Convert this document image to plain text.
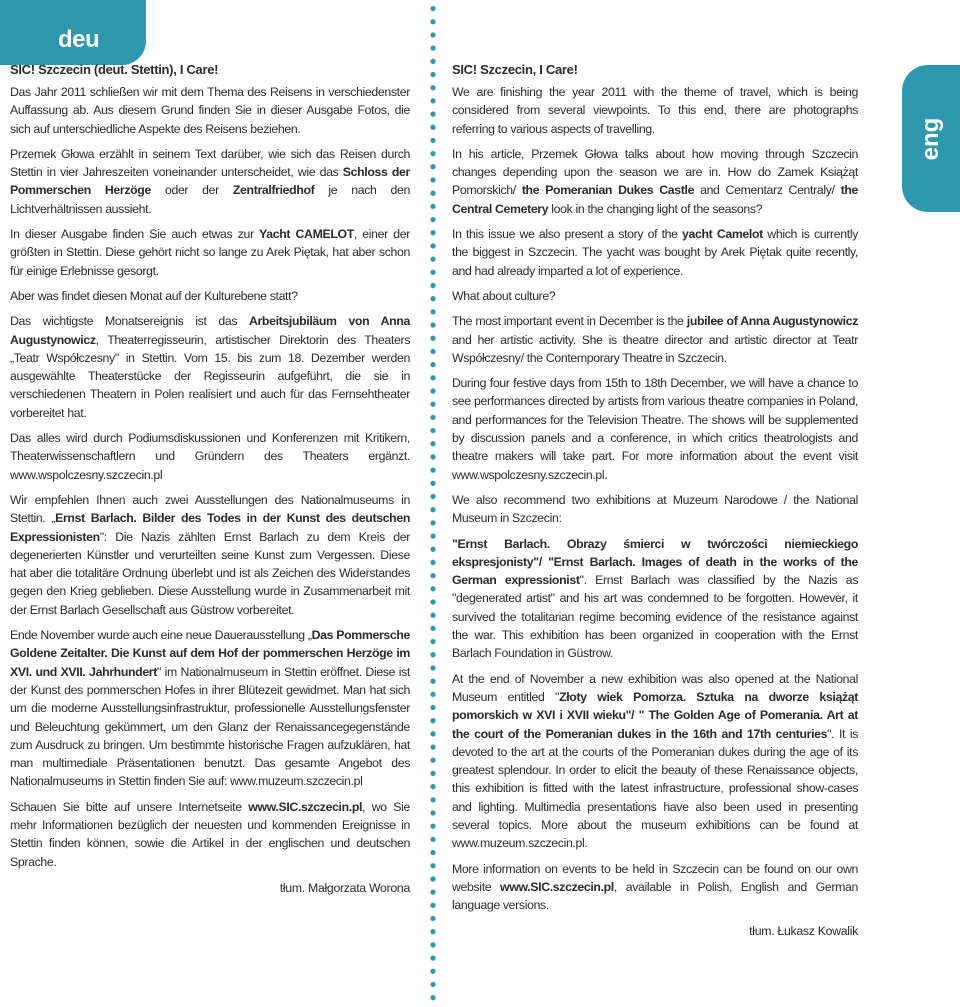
deu
eng
SIC! Szczecin (deut. Stettin), I Care!

Das Jahr 2011 schließen wir mit dem Thema des Reisens in verschiedenster Auffassung ab. Aus diesem Grund finden Sie in dieser Ausgabe Fotos, die sich auf unterschiedliche Aspekte des Reisens beziehen.

Przemek Głowa erzählt in seinem Text darüber, wie sich das Reisen durch Stettin in vier Jahreszeiten voneinander unterscheidet, wie das Schloss der Pommerschen Herzöge oder der Zentralfriedhof je nach den Lichtverhältnissen aussieht.

In dieser Ausgabe finden Sie auch etwas zur Yacht CAMELOT, einer der größten in Stettin. Diese gehört nicht so lange zu Arek Piętak, hat aber schon für einige Erlebnisse gesorgt.

Aber was findet diesen Monat auf der Kulturebene statt?

Das wichtigste Monatsereignis ist das Arbeitsjubiläum von Anna Augustynowicz, Theaterregisseurin, artistischer Direktorin des Theaters „Teatr Współczesny" in Stettin. Vom 15. bis zum 18. Dezember werden ausgewählte Theaterstücke der Regisseurin aufgeführt, die sie in verschiedenen Theatern in Polen realisiert und auch für das Fernsehtheater vorbereitet hat.

Das alles wird durch Podiumsdiskussionen und Konferenzen mit Kritikern, Theaterwissenschaftlern und Gründern des Theaters ergänzt. www.wspolczesny.szczecin.pl

Wir empfehlen Ihnen auch zwei Ausstellungen des Nationalmuseums in Stettin. „Ernst Barlach. Bilder des Todes in der Kunst des deutschen Expressionisten": Die Nazis zählten Ernst Barlach zu dem Kreis der degenerierten Künstler und verurteilten seine Kunst zum Vergessen. Diese hat aber die totalitäre Ordnung überlebt und ist als Zeichen des Widerstandes gegen den Krieg geblieben. Diese Ausstellung wurde in Zusammenarbeit mit der Ernst Barlach Gesellschaft aus Güstrow vorbereitet.

Ende November wurde auch eine neue Dauerausstellung „Das Pommersche Goldene Zeitalter. Die Kunst auf dem Hof der pommerschen Herzöge im XVI. und XVII. Jahrhundert" im Nationalmuseum in Stettin eröffnet. Diese ist der Kunst des pommerschen Hofes in ihrer Blütezeit gewidmet. Man hat sich um die moderne Ausstellungsinfrastruktur, professionelle Ausstellungsfenster und Beleuchtung gekümmert, um den Glanz der Renaissancegegenstände zum Ausdruck zu bringen. Um bestimmte historische Fragen aufzuklären, hat man multimediale Präsentationen benutzt. Das gesamte Angebot des Nationalmuseums in Stettin finden Sie auf: www.muzeum.szczecin.pl

Schauen Sie bitte auf unsere Internetseite www.SIC.szczecin.pl, wo Sie mehr Informationen bezüglich der neuesten und kommenden Ereignisse in Stettin finden können, sowie die Artikel in der englischen und deutschen Sprache.

tłum. Małgorzata Worona
SIC! Szczecin, I Care!

We are finishing the year 2011 with the theme of travel, which is being considered from several viewpoints. To this end, there are photographs referring to various aspects of travelling.

In his article, Przemek Głowa talks about how moving through Szczecin changes depending upon the season we are in. How do Zamek Książąt Pomorskich/ the Pomeranian Dukes Castle and Cementarz Centraly/ the Central Cemetery look in the changing light of the seasons?

In this issue we also present a story of the yacht Camelot which is currently the biggest in Szczecin. The yacht was bought by Arek Piętak quite recently, and had already imparted a lot of experience.

What about culture?

The most important event in December is the jubilee of Anna Augustynowicz and her artistic activity. She is theatre director and artistic director at Teatr Współczesny/ the Contemporary Theatre in Szczecin.

During four festive days from 15th to 18th December, we will have a chance to see performances directed by artists from various theatre companies in Poland, and performances for the Television Theatre. The shows will be supplemented by discussion panels and a conference, in which critics theatrologists and theatre makers will take part. For more information about the event visit www.wspolczesny.szczecin.pl.

We also recommend two exhibitions at Muzeum Narodowe / the National Museum in Szczecin:

"Ernst Barlach. Obrazy śmierci w twórczości niemieckiego ekspresjonisty"/ "Ernst Barlach. Images of death in the works of the German expressionist". Ernst Barlach was classified by the Nazis as "degenerated artist" and his art was condemned to be forgotten. However, it survived the totalitarian regime becoming evidence of the resistance against the war. This exhibition has been organized in cooperation with the Ernst Barlach Foundation in Güstrow.

At the end of November a new exhibition was also opened at the National Museum entitled "Złoty wiek Pomorza. Sztuka na dworze książąt pomorskich w XVI i XVII wieku"/ " The Golden Age of Pomerania. Art at the court of the Pomeranian dukes in the 16th and 17th centuries". It is devoted to the art at the courts of the Pomeranian dukes during the age of its greatest splendour. In order to elicit the beauty of these Renaissance objects, this exhibition is fitted with the latest infrastructure, professional show-cases and lighting. Multimedia presentations have also been used in presenting several topics. More about the museum exhibitions can be found at www.muzeum.szczecin.pl.

More information on events to be held in Szczecin can be found on our own website www.SIC.szczecin.pl, available in Polish, English and German language versions.

tłum. Łukasz Kowalik
